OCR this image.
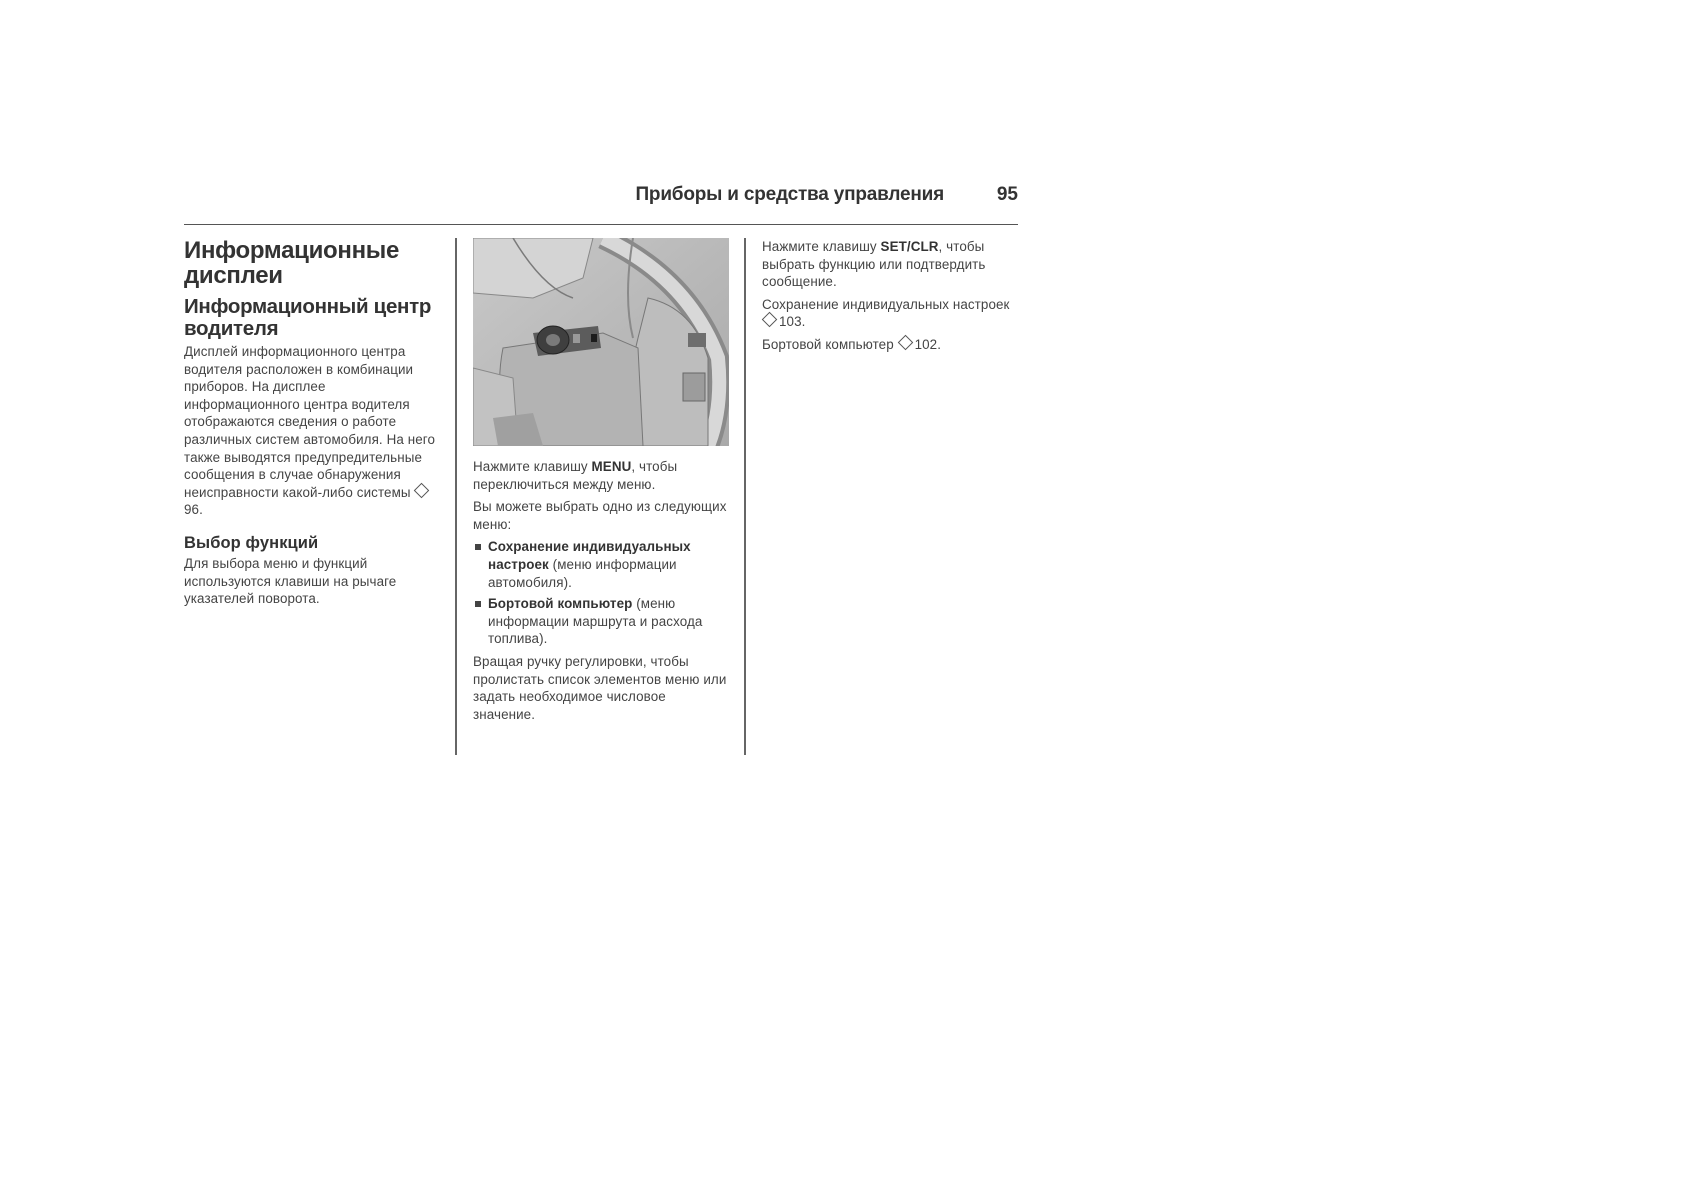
Приборы и средства управления	95
Информационные дисплеи
Информационный центр водителя

Дисплей информационного центра водителя расположен в комбинации приборов. На дисплее информационного центра водителя отображаются сведения о работе различных систем автомобиля. На него также выводятся предупредительные сообщения в случае обнаружения неисправности какой-либо системы 96.

Выбор функций

Для выбора меню и функций используются клавиши на рычаге указателей поворота.

Нажмите клавишу MENU, чтобы переключиться между меню.

Вы можете выбрать одно из следующих меню:

Сохранение индивидуальных настроек (меню информации автомобиля).
Бортовой компьютер (меню информации маршрута и расхода топлива).

Вращая ручку регулировки, чтобы пролистать список элементов меню или задать необходимое числовое значение.

Нажмите клавишу SET/CLR, чтобы выбрать функцию или подтвердить сообщение.

Сохранение индивидуальных настроек 103.

Бортовой компьютер 102.
